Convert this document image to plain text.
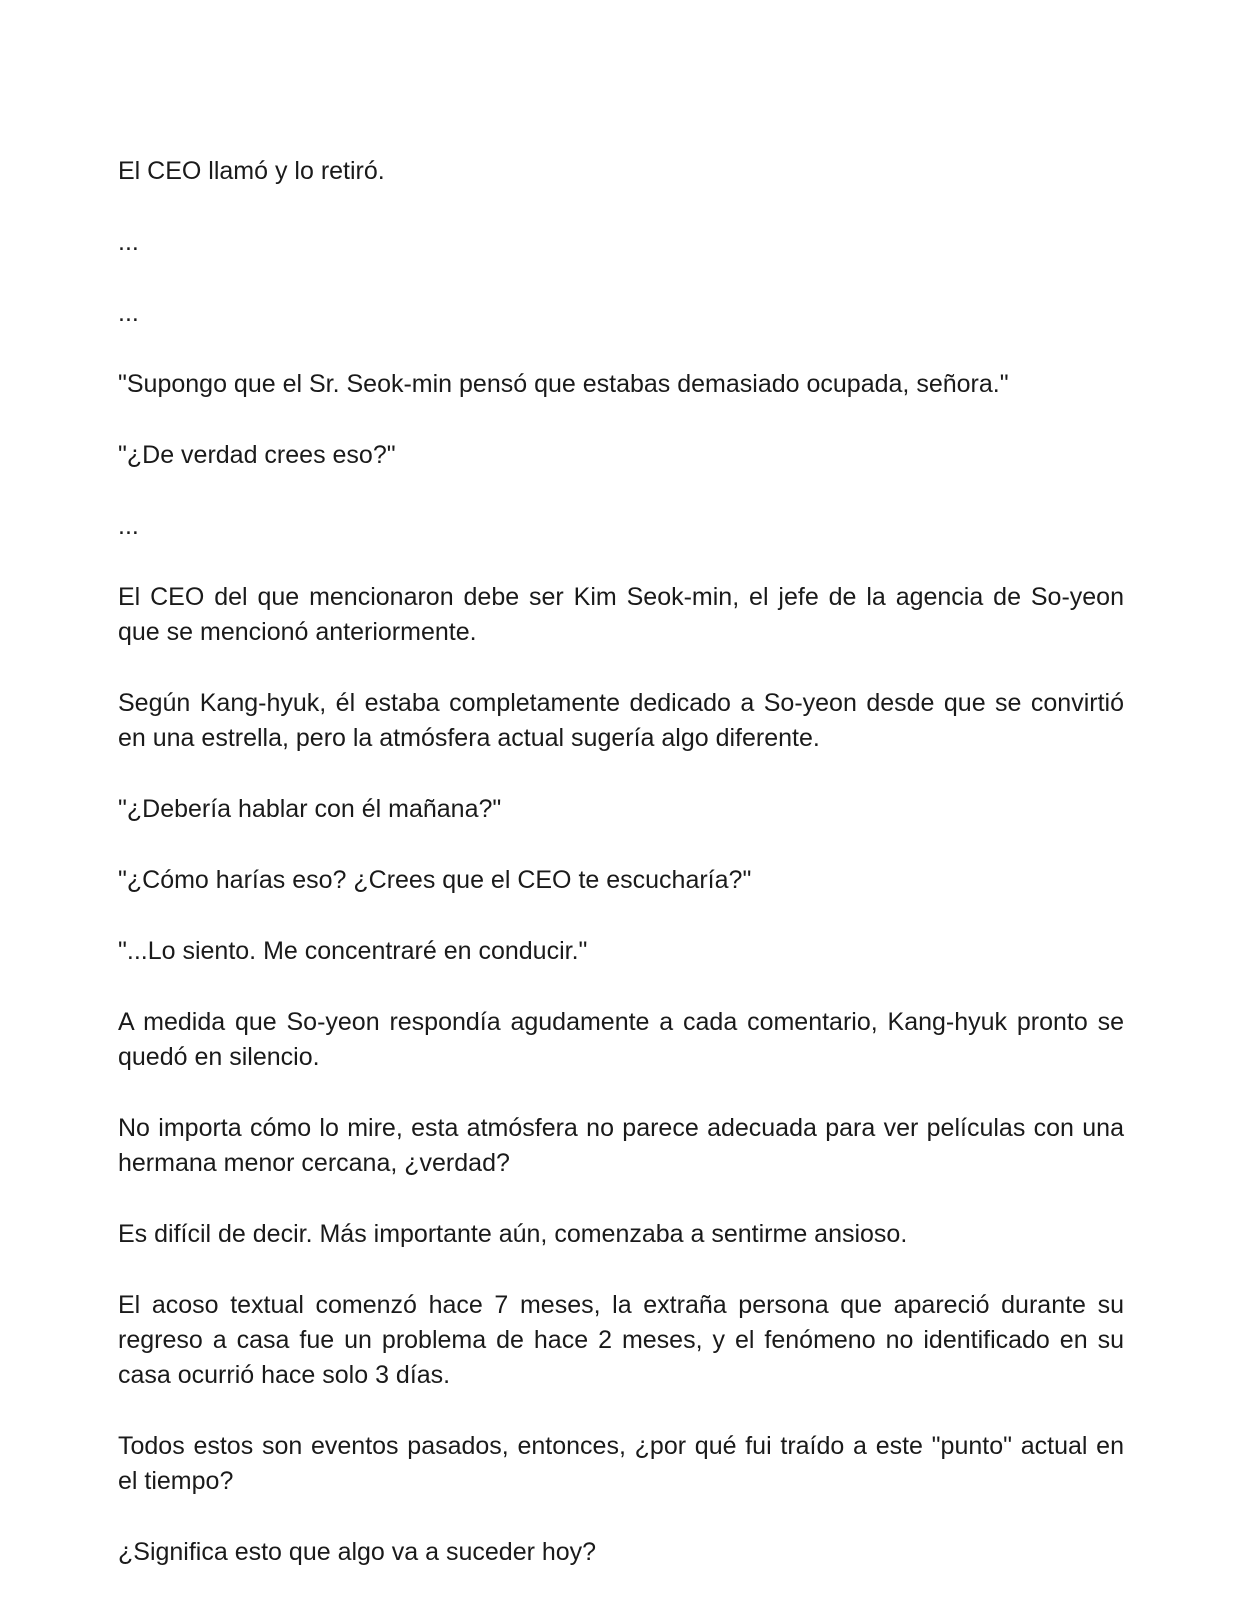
El CEO llamó y lo retiró.

...

...

"Supongo que el Sr. Seok-min pensó que estabas demasiado ocupada, señora."

"¿De verdad crees eso?"

...

El CEO del que mencionaron debe ser Kim Seok-min, el jefe de la agencia de So-yeon que se mencionó anteriormente.

Según Kang-hyuk, él estaba completamente dedicado a So-yeon desde que se convirtió en una estrella, pero la atmósfera actual sugería algo diferente.

"¿Debería hablar con él mañana?"

"¿Cómo harías eso? ¿Crees que el CEO te escucharía?"

"...Lo siento. Me concentraré en conducir."

A medida que So-yeon respondía agudamente a cada comentario, Kang-hyuk pronto se quedó en silencio.

No importa cómo lo mire, esta atmósfera no parece adecuada para ver películas con una hermana menor cercana, ¿verdad?

Es difícil de decir. Más importante aún, comenzaba a sentirme ansioso.

El acoso textual comenzó hace 7 meses, la extraña persona que apareció durante su regreso a casa fue un problema de hace 2 meses, y el fenómeno no identificado en su casa ocurrió hace solo 3 días.

Todos estos son eventos pasados, entonces, ¿por qué fui traído a este "punto" actual en el tiempo?

¿Significa esto que algo va a suceder hoy?
